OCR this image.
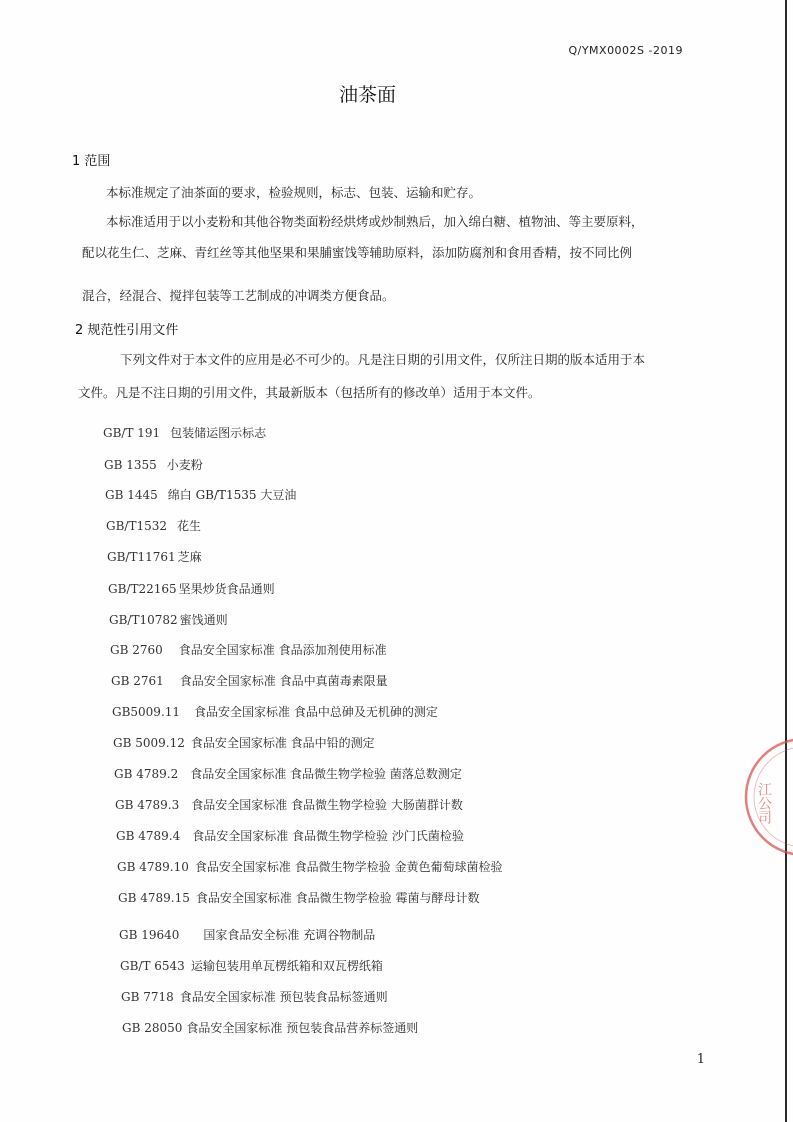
Q/YMX0002S -2019
油茶面
1 范围
本标准规定了油茶面的要求，检验规则，标志、包装、运输和贮存。
本标准适用于以小麦粉和其他谷物类面粉经烘烤或炒制熟后，加入绵白糖、植物油、等主要原料，
配以花生仁、芝麻、青红丝等其他坚果和果脯蜜饯等辅助原料，添加防腐剂和食用香精，按不同比例
混合，经混合、搅拌包装等工艺制成的冲调类方便食品。
2 规范性引用文件
下列文件对于本文件的应用是必不可少的。凡是注日期的引用文件，仅所注日期的版本适用于本
文件。凡是不注日期的引用文件，其最新版本（包括所有的修改单）适用于本文件。
GB/T 191 包装储运图示标志
GB 1355 小麦粉
GB 1445 绵白 GB/T1535 大豆油
GB/T1532 花生
GB/T11761 芝麻
GB/T22165 坚果炒货食品通则
GB/T10782 蜜饯通则
GB 2760 食品安全国家标准 食品添加剂使用标准
GB 2761 食品安全国家标准 食品中真菌毒素限量
GB5009.11 食品安全国家标准 食品中总砷及无机砷的测定
GB 5009.12 食品安全国家标准 食品中铅的测定
GB 4789.2 食品安全国家标准 食品微生物学检验 菌落总数测定
GB 4789.3 食品安全国家标准 食品微生物学检验 大肠菌群计数
GB 4789.4 食品安全国家标准 食品微生物学检验 沙门氏菌检验
GB 4789.10 食品安全国家标准 食品微生物学检验 金黄色葡萄球菌检验
GB 4789.15 食品安全国家标准 食品微生物学检验 霉菌与酵母计数
GB 19640 国家食品安全标准 充调谷物制品
GB/T 6543 运输包装用单瓦楞纸箱和双瓦楞纸箱
GB 7718 食品安全国家标准 预包装食品标签通则
GB 28050 食品安全国家标准 预包装食品营养标签通则
江公司
1
